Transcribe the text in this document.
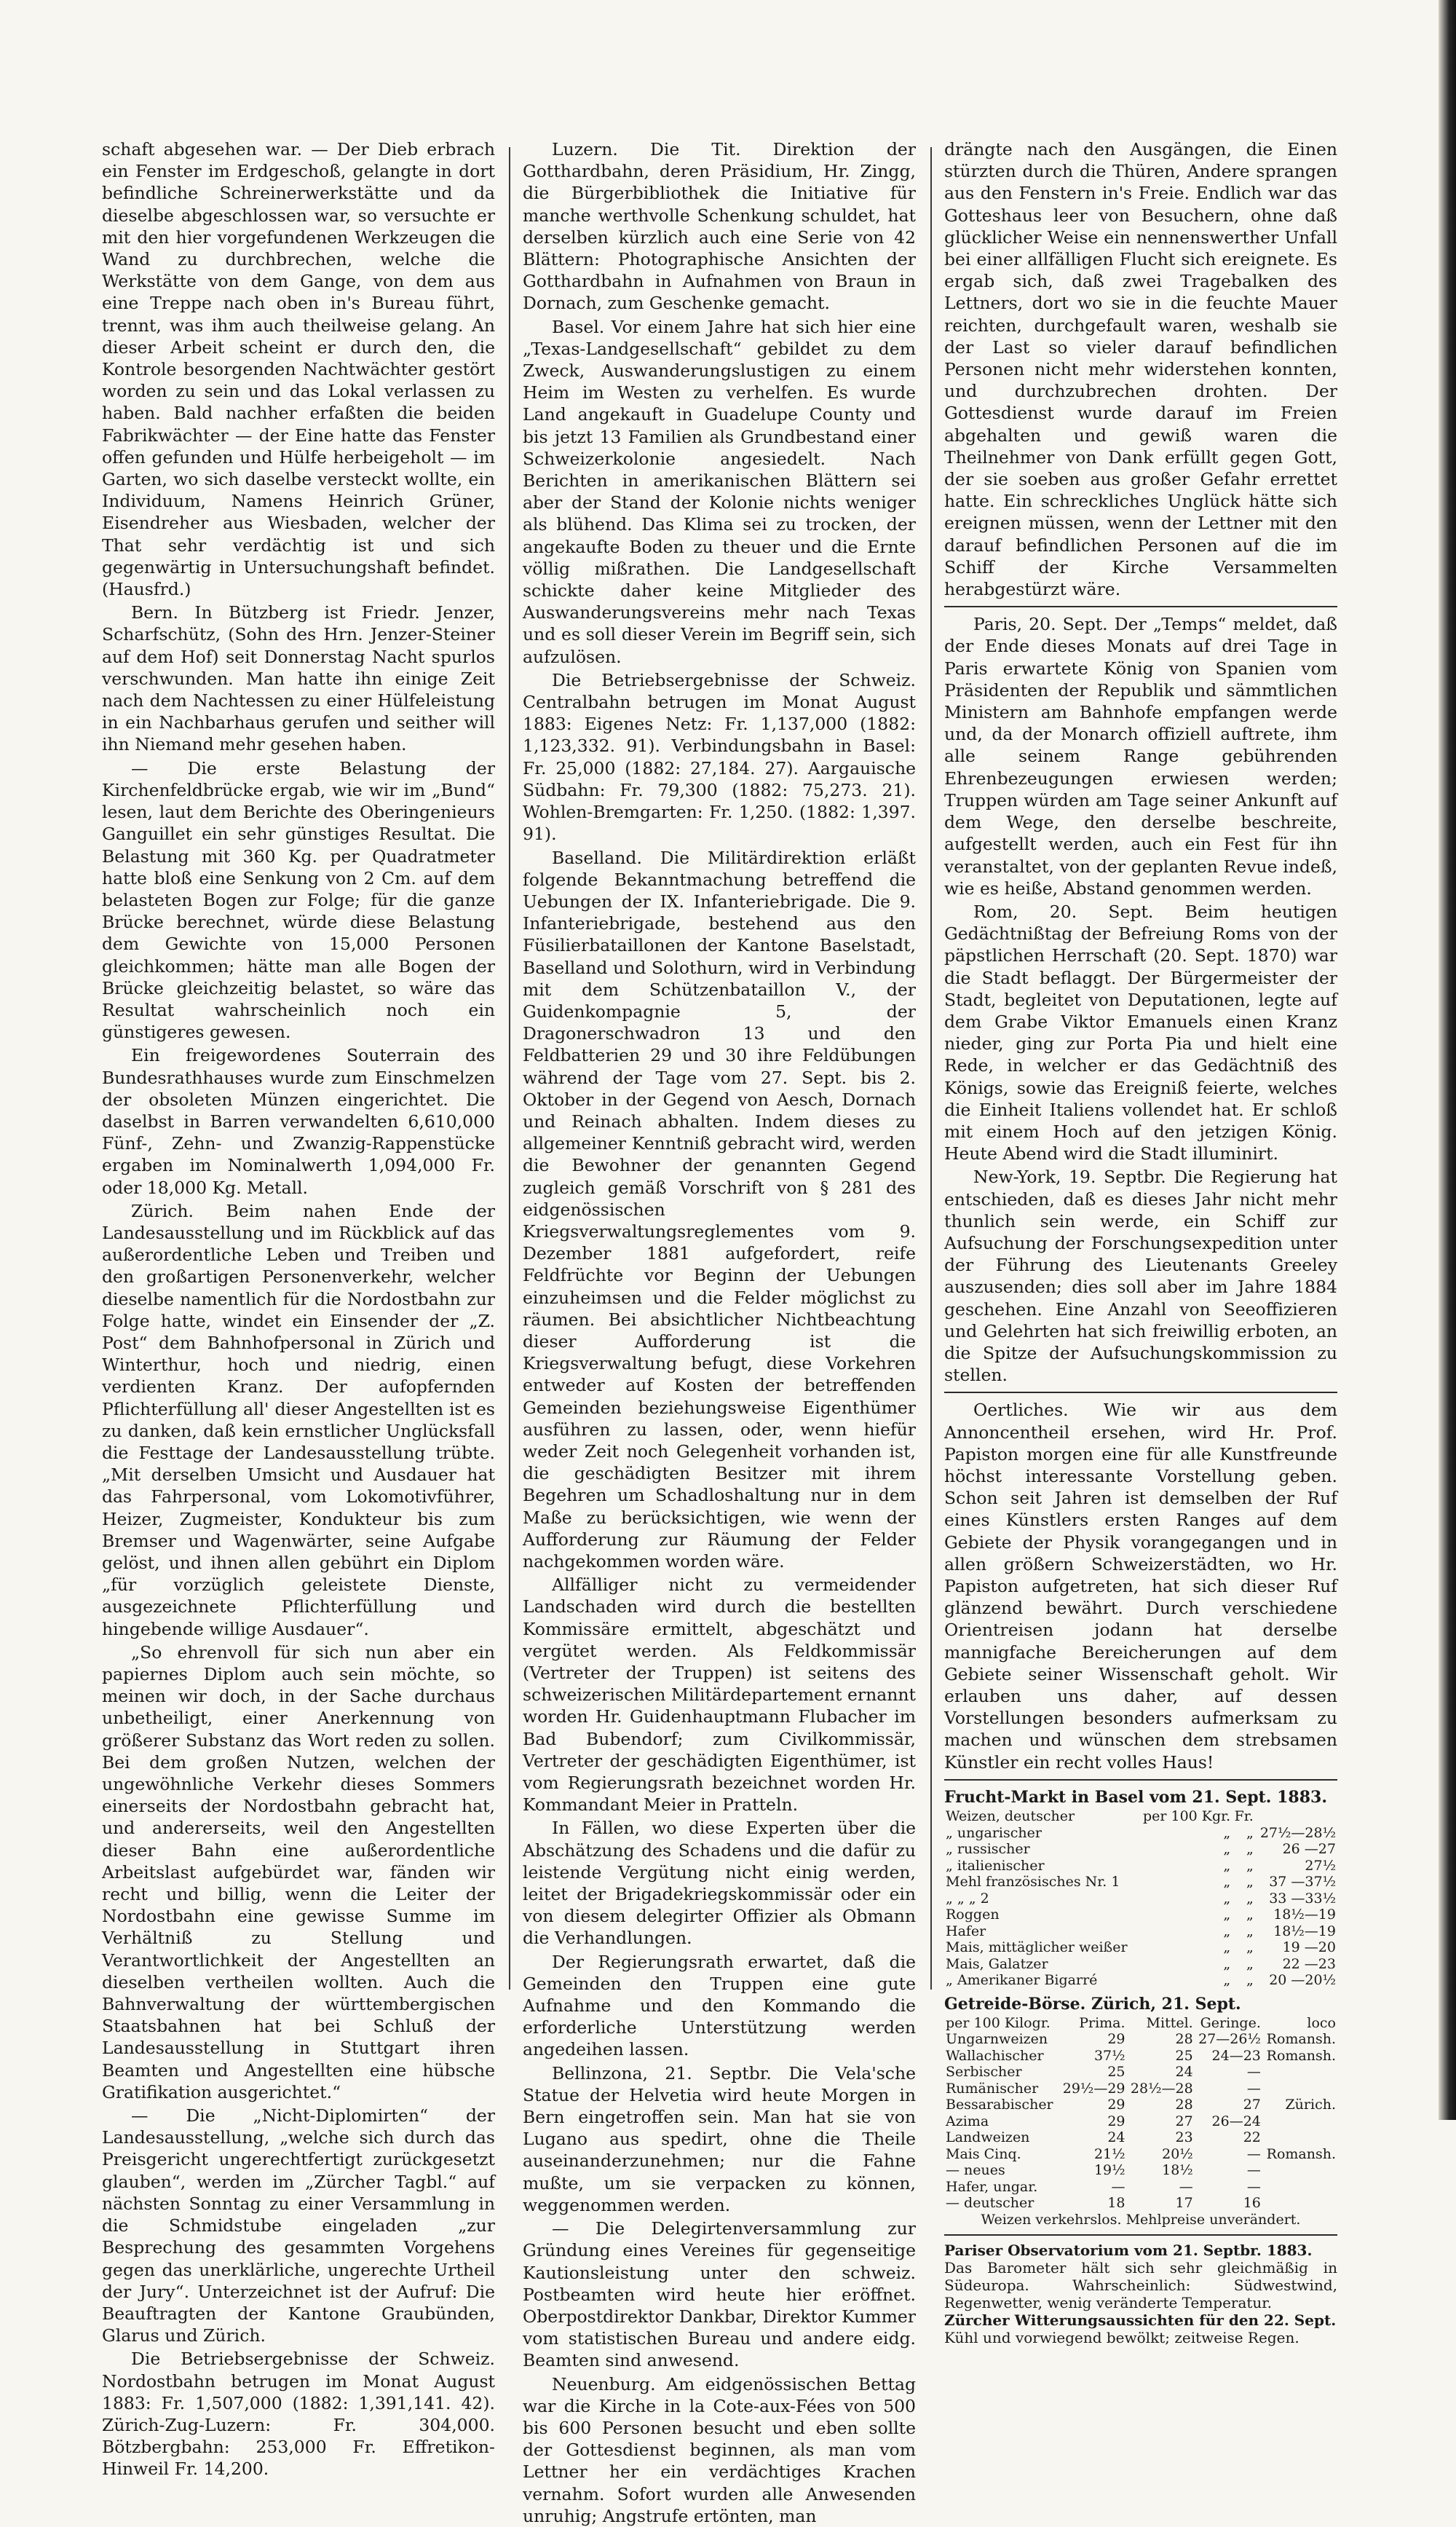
schaft abgesehen war. — Der Dieb erbrach ein Fenster im Erdgeschoß, gelangte in dort befindliche Schreinerwerkstätte und da dieselbe abgeschlossen war, so versuchte er mit den hier vorgefundenen Werkzeugen die Wand zu durchbrechen, welche die Werkstätte von dem Gange, von dem aus eine Treppe nach oben in's Bureau führt, trennt, was ihm auch theilweise gelang. An dieser Arbeit scheint er durch den, die Kontrole besorgenden Nachtwächter gestört worden zu sein und das Lokal verlassen zu haben. Bald nachher erfaßten die beiden Fabrikwächter — der Eine hatte das Fenster offen gefunden und Hülfe herbeigeholt — im Garten, wo sich daselbe versteckt wollte, ein Individuum, Namens Heinrich Grüner, Eisendreher aus Wiesbaden, welcher der That sehr verdächtig ist und sich gegenwärtig in Untersuchungshaft befindet. (Hausfrd.)

Bern. In Bützberg ist Friedr. Jenzer, Scharfschütz, (Sohn des Hrn. Jenzer-Steiner auf dem Hof) seit Donnerstag Nacht spurlos verschwunden. Man hatte ihn einige Zeit nach dem Nachtessen zu einer Hülfeleistung in ein Nachbarhaus gerufen und seither will ihn Niemand mehr gesehen haben.

— Die erste Belastung der Kirchenfeldbrücke ergab, wie wir im „Bund“ lesen, laut dem Berichte des Oberingenieurs Ganguillet ein sehr günstiges Resultat. Die Belastung mit 360 Kg. per Quadratmeter hatte bloß eine Senkung von 2 Cm. auf dem belasteten Bogen zur Folge; für die ganze Brücke berechnet, würde diese Belastung dem Gewichte von 15,000 Personen gleichkommen; hätte man alle Bogen der Brücke gleichzeitig belastet, so wäre das Resultat wahrscheinlich noch ein günstigeres gewesen.

Ein freigewordenes Souterrain des Bundesrathhauses wurde zum Einschmelzen der obsoleten Münzen eingerichtet. Die daselbst in Barren verwandelten 6,610,000 Fünf-, Zehn- und Zwanzig-Rappenstücke ergaben im Nominalwerth 1,094,000 Fr. oder 18,000 Kg. Metall.

Zürich. Beim nahen Ende der Landesausstellung und im Rückblick auf das außerordentliche Leben und Treiben und den großartigen Personenverkehr, welcher dieselbe namentlich für die Nordostbahn zur Folge hatte, windet ein Einsender der „Z. Post“ dem Bahnhofpersonal in Zürich und Winterthur, hoch und niedrig, einen verdienten Kranz. Der aufopfernden Pflichterfüllung all' dieser Angestellten ist es zu danken, daß kein ernstlicher Unglücksfall die Festtage der Landesausstellung trübte. „Mit derselben Umsicht und Ausdauer hat das Fahrpersonal, vom Lokomotivführer, Heizer, Zugmeister, Kondukteur bis zum Bremser und Wagenwärter, seine Aufgabe gelöst, und ihnen allen gebührt ein Diplom „für vorzüglich geleistete Dienste, ausgezeichnete Pflichterfüllung und hingebende willige Ausdauer“.

„So ehrenvoll für sich nun aber ein papiernes Diplom auch sein möchte, so meinen wir doch, in der Sache durchaus unbetheiligt, einer Anerkennung von größerer Substanz das Wort reden zu sollen. Bei dem großen Nutzen, welchen der ungewöhnliche Verkehr dieses Sommers einerseits der Nordostbahn gebracht hat, und andererseits, weil den Angestellten dieser Bahn eine außerordentliche Arbeitslast aufgebürdet war, fänden wir recht und billig, wenn die Leiter der Nordostbahn eine gewisse Summe im Verhältniß zu Stellung und Verantwortlichkeit der Angestellten an dieselben vertheilen wollten. Auch die Bahnverwaltung der württembergischen Staatsbahnen hat bei Schluß der Landesausstellung in Stuttgart ihren Beamten und Angestellten eine hübsche Gratifikation ausgerichtet.“

— Die „Nicht-Diplomirten“ der Landesausstellung, „welche sich durch das Preisgericht ungerechtfertigt zurückgesetzt glauben“, werden im „Zürcher Tagbl.“ auf nächsten Sonntag zu einer Versammlung in die Schmidstube eingeladen „zur Besprechung des gesammten Vorgehens gegen das unerklärliche, ungerechte Urtheil der Jury“. Unterzeichnet ist der Aufruf: Die Beauftragten der Kantone Graubünden, Glarus und Zürich.

Die Betriebsergebnisse der Schweiz. Nordostbahn betrugen im Monat August 1883: Fr. 1,507,000 (1882: 1,391,141. 42). Zürich-Zug-Luzern: Fr. 304,000. Bötzbergbahn: 253,000 Fr. Effretikon-Hinweil Fr. 14,200.

Luzern. Die Tit. Direktion der Gotthardbahn, deren Präsidium, Hr. Zingg, die Bürgerbibliothek die Initiative für manche werthvolle Schenkung schuldet, hat derselben kürzlich auch eine Serie von 42 Blättern: Photographische Ansichten der Gotthardbahn in Aufnahmen von Braun in Dornach, zum Geschenke gemacht.

Basel. Vor einem Jahre hat sich hier eine „Texas-Landgesellschaft“ gebildet zu dem Zweck, Auswanderungslustigen zu einem Heim im Westen zu verhelfen. Es wurde Land angekauft in Guadelupe County und bis jetzt 13 Familien als Grundbestand einer Schweizerkolonie angesiedelt. Nach Berichten in amerikanischen Blättern sei aber der Stand der Kolonie nichts weniger als blühend. Das Klima sei zu trocken, der angekaufte Boden zu theuer und die Ernte völlig mißrathen. Die Landgesellschaft schickte daher keine Mitglieder des Auswanderungsvereins mehr nach Texas und es soll dieser Verein im Begriff sein, sich aufzulösen.

Die Betriebsergebnisse der Schweiz. Centralbahn betrugen im Monat August 1883: Eigenes Netz: Fr. 1,137,000 (1882: 1,123,332. 91). Verbindungsbahn in Basel: Fr. 25,000 (1882: 27,184. 27). Aargauische Südbahn: Fr. 79,300 (1882: 75,273. 21). Wohlen-Bremgarten: Fr. 1,250. (1882: 1,397. 91).

Baselland. Die Militärdirektion erläßt folgende Bekanntmachung betreffend die Uebungen der IX. Infanteriebrigade. Die 9. Infanteriebrigade, bestehend aus den Füsilierbataillonen der Kantone Baselstadt, Baselland und Solothurn, wird in Verbindung mit dem Schützenbataillon V., der Guidenkompagnie 5, der Dragonerschwadron 13 und den Feldbatterien 29 und 30 ihre Feldübungen während der Tage vom 27. Sept. bis 2. Oktober in der Gegend von Aesch, Dornach und Reinach abhalten. Indem dieses zu allgemeiner Kenntniß gebracht wird, werden die Bewohner der genannten Gegend zugleich gemäß Vorschrift von § 281 des eidgenössischen Kriegsverwaltungsreglementes vom 9. Dezember 1881 aufgefordert, reife Feldfrüchte vor Beginn der Uebungen einzuheimsen und die Felder möglichst zu räumen. Bei absichtlicher Nichtbeachtung dieser Aufforderung ist die Kriegsverwaltung befugt, diese Vorkehren entweder auf Kosten der betreffenden Gemeinden beziehungsweise Eigenthümer ausführen zu lassen, oder, wenn hiefür weder Zeit noch Gelegenheit vorhanden ist, die geschädigten Besitzer mit ihrem Begehren um Schadloshaltung nur in dem Maße zu berücksichtigen, wie wenn der Aufforderung zur Räumung der Felder nachgekommen worden wäre.

Allfälliger nicht zu vermeidender Landschaden wird durch die bestellten Kommissäre ermittelt, abgeschätzt und vergütet werden. Als Feldkommissär (Vertreter der Truppen) ist seitens des schweizerischen Militärdepartement ernannt worden Hr. Guidenhauptmann Flubacher im Bad Bubendorf; zum Civilkommissär, Vertreter der geschädigten Eigenthümer, ist vom Regierungsrath bezeichnet worden Hr. Kommandant Meier in Pratteln.

In Fällen, wo diese Experten über die Abschätzung des Schadens und die dafür zu leistende Vergütung nicht einig werden, leitet der Brigadekriegskommissär oder ein von diesem delegirter Offizier als Obmann die Verhandlungen.

Der Regierungsrath erwartet, daß die Gemeinden den Truppen eine gute Aufnahme und den Kommando die erforderliche Unterstützung werden angedeihen lassen.

Bellinzona, 21. Septbr. Die Vela'sche Statue der Helvetia wird heute Morgen in Bern eingetroffen sein. Man hat sie von Lugano aus spedirt, ohne die Theile auseinanderzunehmen; nur die Fahne mußte, um sie verpacken zu können, weggenommen werden.

— Die Delegirtenversammlung zur Gründung eines Vereines für gegenseitige Kautionsleistung unter den schweiz. Postbeamten wird heute hier eröffnet. Oberpostdirektor Dankbar, Direktor Kummer vom statistischen Bureau und andere eidg. Beamten sind anwesend.

Neuenburg. Am eidgenössischen Bettag war die Kirche in la Cote-aux-Fées von 500 bis 600 Personen besucht und eben sollte der Gottesdienst beginnen, als man vom Lettner her ein verdächtiges Krachen vernahm. Sofort wurden alle Anwesenden unruhig; Angstrufe ertönten, man

drängte nach den Ausgängen, die Einen stürzten durch die Thüren, Andere sprangen aus den Fenstern in's Freie. Endlich war das Gotteshaus leer von Besuchern, ohne daß glücklicher Weise ein nennenswerther Unfall bei einer allfälligen Flucht sich ereignete. Es ergab sich, daß zwei Tragebalken des Lettners, dort wo sie in die feuchte Mauer reichten, durchgefault waren, weshalb sie der Last so vieler darauf befindlichen Personen nicht mehr widerstehen konnten, und durchzubrechen drohten. Der Gottesdienst wurde darauf im Freien abgehalten und gewiß waren die Theilnehmer von Dank erfüllt gegen Gott, der sie soeben aus großer Gefahr errettet hatte. Ein schreckliches Unglück hätte sich ereignen müssen, wenn der Lettner mit den darauf befindlichen Personen auf die im Schiff der Kirche Versammelten herabgestürzt wäre.

Paris, 20. Sept. Der „Temps“ meldet, daß der Ende dieses Monats auf drei Tage in Paris erwartete König von Spanien vom Präsidenten der Republik und sämmtlichen Ministern am Bahnhofe empfangen werde und, da der Monarch offiziell auftrete, ihm alle seinem Range gebührenden Ehrenbezeugungen erwiesen werden; Truppen würden am Tage seiner Ankunft auf dem Wege, den derselbe beschreite, aufgestellt werden, auch ein Fest für ihn veranstaltet, von der geplanten Revue indeß, wie es heiße, Abstand genommen werden.

Rom, 20. Sept. Beim heutigen Gedächtnißtag der Befreiung Roms von der päpstlichen Herrschaft (20. Sept. 1870) war die Stadt beflaggt. Der Bürgermeister der Stadt, begleitet von Deputationen, legte auf dem Grabe Viktor Emanuels einen Kranz nieder, ging zur Porta Pia und hielt eine Rede, in welcher er das Gedächtniß des Königs, sowie das Ereigniß feierte, welches die Einheit Italiens vollendet hat. Er schloß mit einem Hoch auf den jetzigen König. Heute Abend wird die Stadt illuminirt.

New-York, 19. Septbr. Die Regierung hat entschieden, daß es dieses Jahr nicht mehr thunlich sein werde, ein Schiff zur Aufsuchung der Forschungsexpedition unter der Führung des Lieutenants Greeley auszusenden; dies soll aber im Jahre 1884 geschehen. Eine Anzahl von Seeoffizieren und Gelehrten hat sich freiwillig erboten, an die Spitze der Aufsuchungskommission zu stellen.

Oertliches. Wie wir aus dem Annoncentheil ersehen, wird Hr. Prof. Papiston morgen eine für alle Kunstfreunde höchst interessante Vorstellung geben. Schon seit Jahren ist demselben der Ruf eines Künstlers ersten Ranges auf dem Gebiete der Physik vorangegangen und in allen größern Schweizerstädten, wo Hr. Papiston aufgetreten, hat sich dieser Ruf glänzend bewährt. Durch verschiedene Orientreisen jodann hat derselbe mannigfache Bereicherungen auf dem Gebiete seiner Wissenschaft geholt. Wir erlauben uns daher, auf dessen Vorstellungen besonders aufmerksam zu machen und wünschen dem strebsamen Künstler ein recht volles Haus!

Frucht-Markt in Basel vom 21. Sept. 1883.
Weizen, deutscher	per 100 Kgr.	Fr.	
„ ungarischer	„	„	27½—28½
„ russischer	„	„	26 —27
„ italienischer	„	„	27½
Mehl französisches Nr. 1	„	„	37 —37½
„ „ „ 2	„	„	33 —33½
Roggen	„	„	18½—19
Hafer	„	„	18½—19
Mais, mittäglicher weißer	„	„	19 —20
Mais, Galatzer	„	„	22 —23
„ Amerikaner Bigarré	„	„	20 —20½
Getreide-Börse. Zürich, 21. Sept.
per 100 Kilogr.	Prima.	Mittel.	Geringe.	loco
Ungarnweizen	29	28	27—26½	Romansh.
Wallachischer	37½	25	24—23	Romansh.
Serbischer	25	24	—	
Rumänischer	29½—29	28½—28	—	
Bessarabischer	29	28	27	Zürich.
Azima	29	27	26—24	
Landweizen	24	23	22	
Mais Cinq.	21½	20½	—	Romansh.
— neues	19½	18½	—	
Hafer, ungar.	—	—	—	
— deutscher	18	17	16	
Weizen verkehrslos. Mehlpreise unverändert.
Pariser Observatorium vom 21. Septbr. 1883.
Das Barometer hält sich sehr gleichmäßig in Südeuropa. Wahrscheinlich: Südwestwind, Regenwetter, wenig veränderte Temperatur.
Zürcher Witterungsaussichten für den 22. Sept.
Kühl und vorwiegend bewölkt; zeitweise Regen.
